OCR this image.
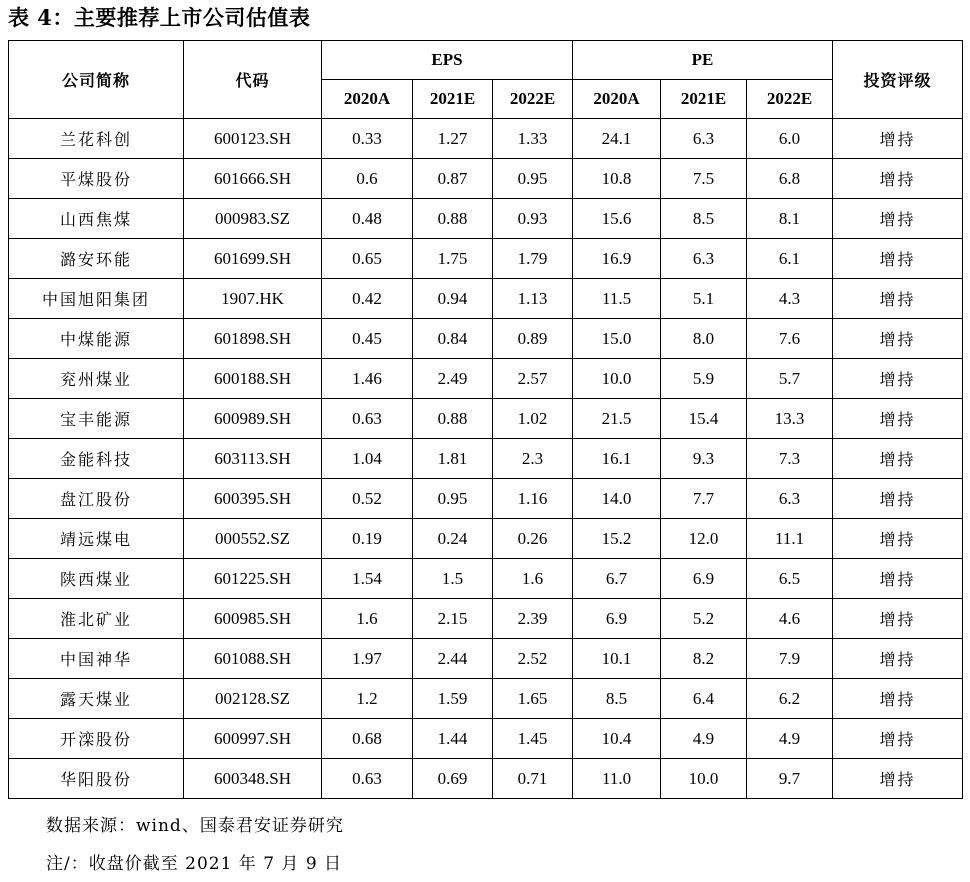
表 4：主要推荐上市公司估值表
公司简称	代码	EPS			PE			投资评级
		2020A	2021E	2022E	2020A	2021E	2022E	
兰花科创	600123.SH	0.33	1.27	1.33	24.1	6.3	6.0	增持
平煤股份	601666.SH	0.6	0.87	0.95	10.8	7.5	6.8	增持
山西焦煤	000983.SZ	0.48	0.88	0.93	15.6	8.5	8.1	增持
潞安环能	601699.SH	0.65	1.75	1.79	16.9	6.3	6.1	增持
中国旭阳集团	1907.HK	0.42	0.94	1.13	11.5	5.1	4.3	增持
中煤能源	601898.SH	0.45	0.84	0.89	15.0	8.0	7.6	增持
兖州煤业	600188.SH	1.46	2.49	2.57	10.0	5.9	5.7	增持
宝丰能源	600989.SH	0.63	0.88	1.02	21.5	15.4	13.3	增持
金能科技	603113.SH	1.04	1.81	2.3	16.1	9.3	7.3	增持
盘江股份	600395.SH	0.52	0.95	1.16	14.0	7.7	6.3	增持
靖远煤电	000552.SZ	0.19	0.24	0.26	15.2	12.0	11.1	增持
陕西煤业	601225.SH	1.54	1.5	1.6	6.7	6.9	6.5	增持
淮北矿业	600985.SH	1.6	2.15	2.39	6.9	5.2	4.6	增持
中国神华	601088.SH	1.97	2.44	2.52	10.1	8.2	7.9	增持
露天煤业	002128.SZ	1.2	1.59	1.65	8.5	6.4	6.2	增持
开滦股份	600997.SH	0.68	1.44	1.45	10.4	4.9	4.9	增持
华阳股份	600348.SH	0.63	0.69	0.71	11.0	10.0	9.7	增持
数据来源：wind、国泰君安证券研究
注/：收盘价截至 2021 年 7 月 9 日
